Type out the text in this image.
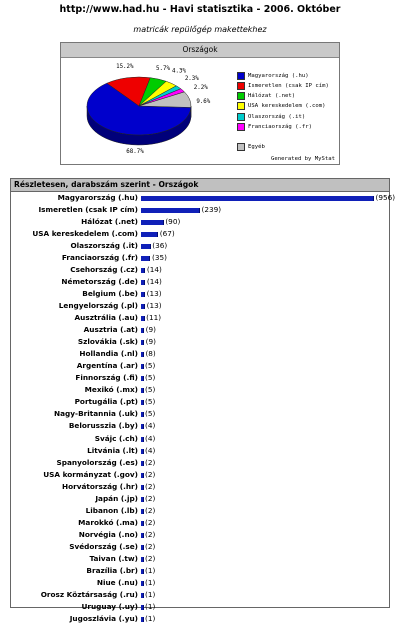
http://www.had.hu - Havi statisztika - 2006. Október
matricák repülőgép makettekhez
Országok
68.7%
15.2%	5.7% 4.3%
2.3%
2.2%
9.6%
Magyarország (.hu)
Ismeretlen (csak IP cím)
Hálózat (.net)
USA kereskedelem (.com)
Olaszország (.it)
Franciaország (.fr)
Egyéb
Generated by MyStat
Részletesen, darabszám szerint - Országok
Magyarország (.hu)	(956)
Ismeretlen (csak IP cím)	(239)
Hálózat (.net)	(90)
USA kereskedelem (.com)	(67)
Olaszország (.it) (36)
Franciaország (.fr) (35)
Csehország (.cz) (14)
Németország (.de) (14)
Belgium (.be) (13)
Lengyelország (.pl) (13)
Ausztrália (.au) (11)
Ausztria (.at) (9)
Szlovákia (.sk) (9)
Hollandia (.nl) (8)
Argentína (.ar) (5)
Finnország (.fi) (5)
Mexikó (.mx) (5)
Portugália (.pt) (5)
Nagy-Britannia (.uk) (5)
Belorusszia (.by) (4)
Svájc (.ch) (4)
Litvánia (.lt) (4)
Spanyolország (.es) (2)
USA kormányzat (.gov) (2)
Horvátország (.hr) (2)
Japán (.jp) (2)
Libanon (.lb) (2)
Marokkó (.ma) (2)
Norvégia (.no) (2)
Svédország (.se) (2)
Taivan (.tw) (2)
Brazília (.br) (1)
Niue (.nu) (1)
Orosz Köztársaság (.ru) (1)
Uruguay (.uy) (1)
Jugoszlávia (.yu) (1)
